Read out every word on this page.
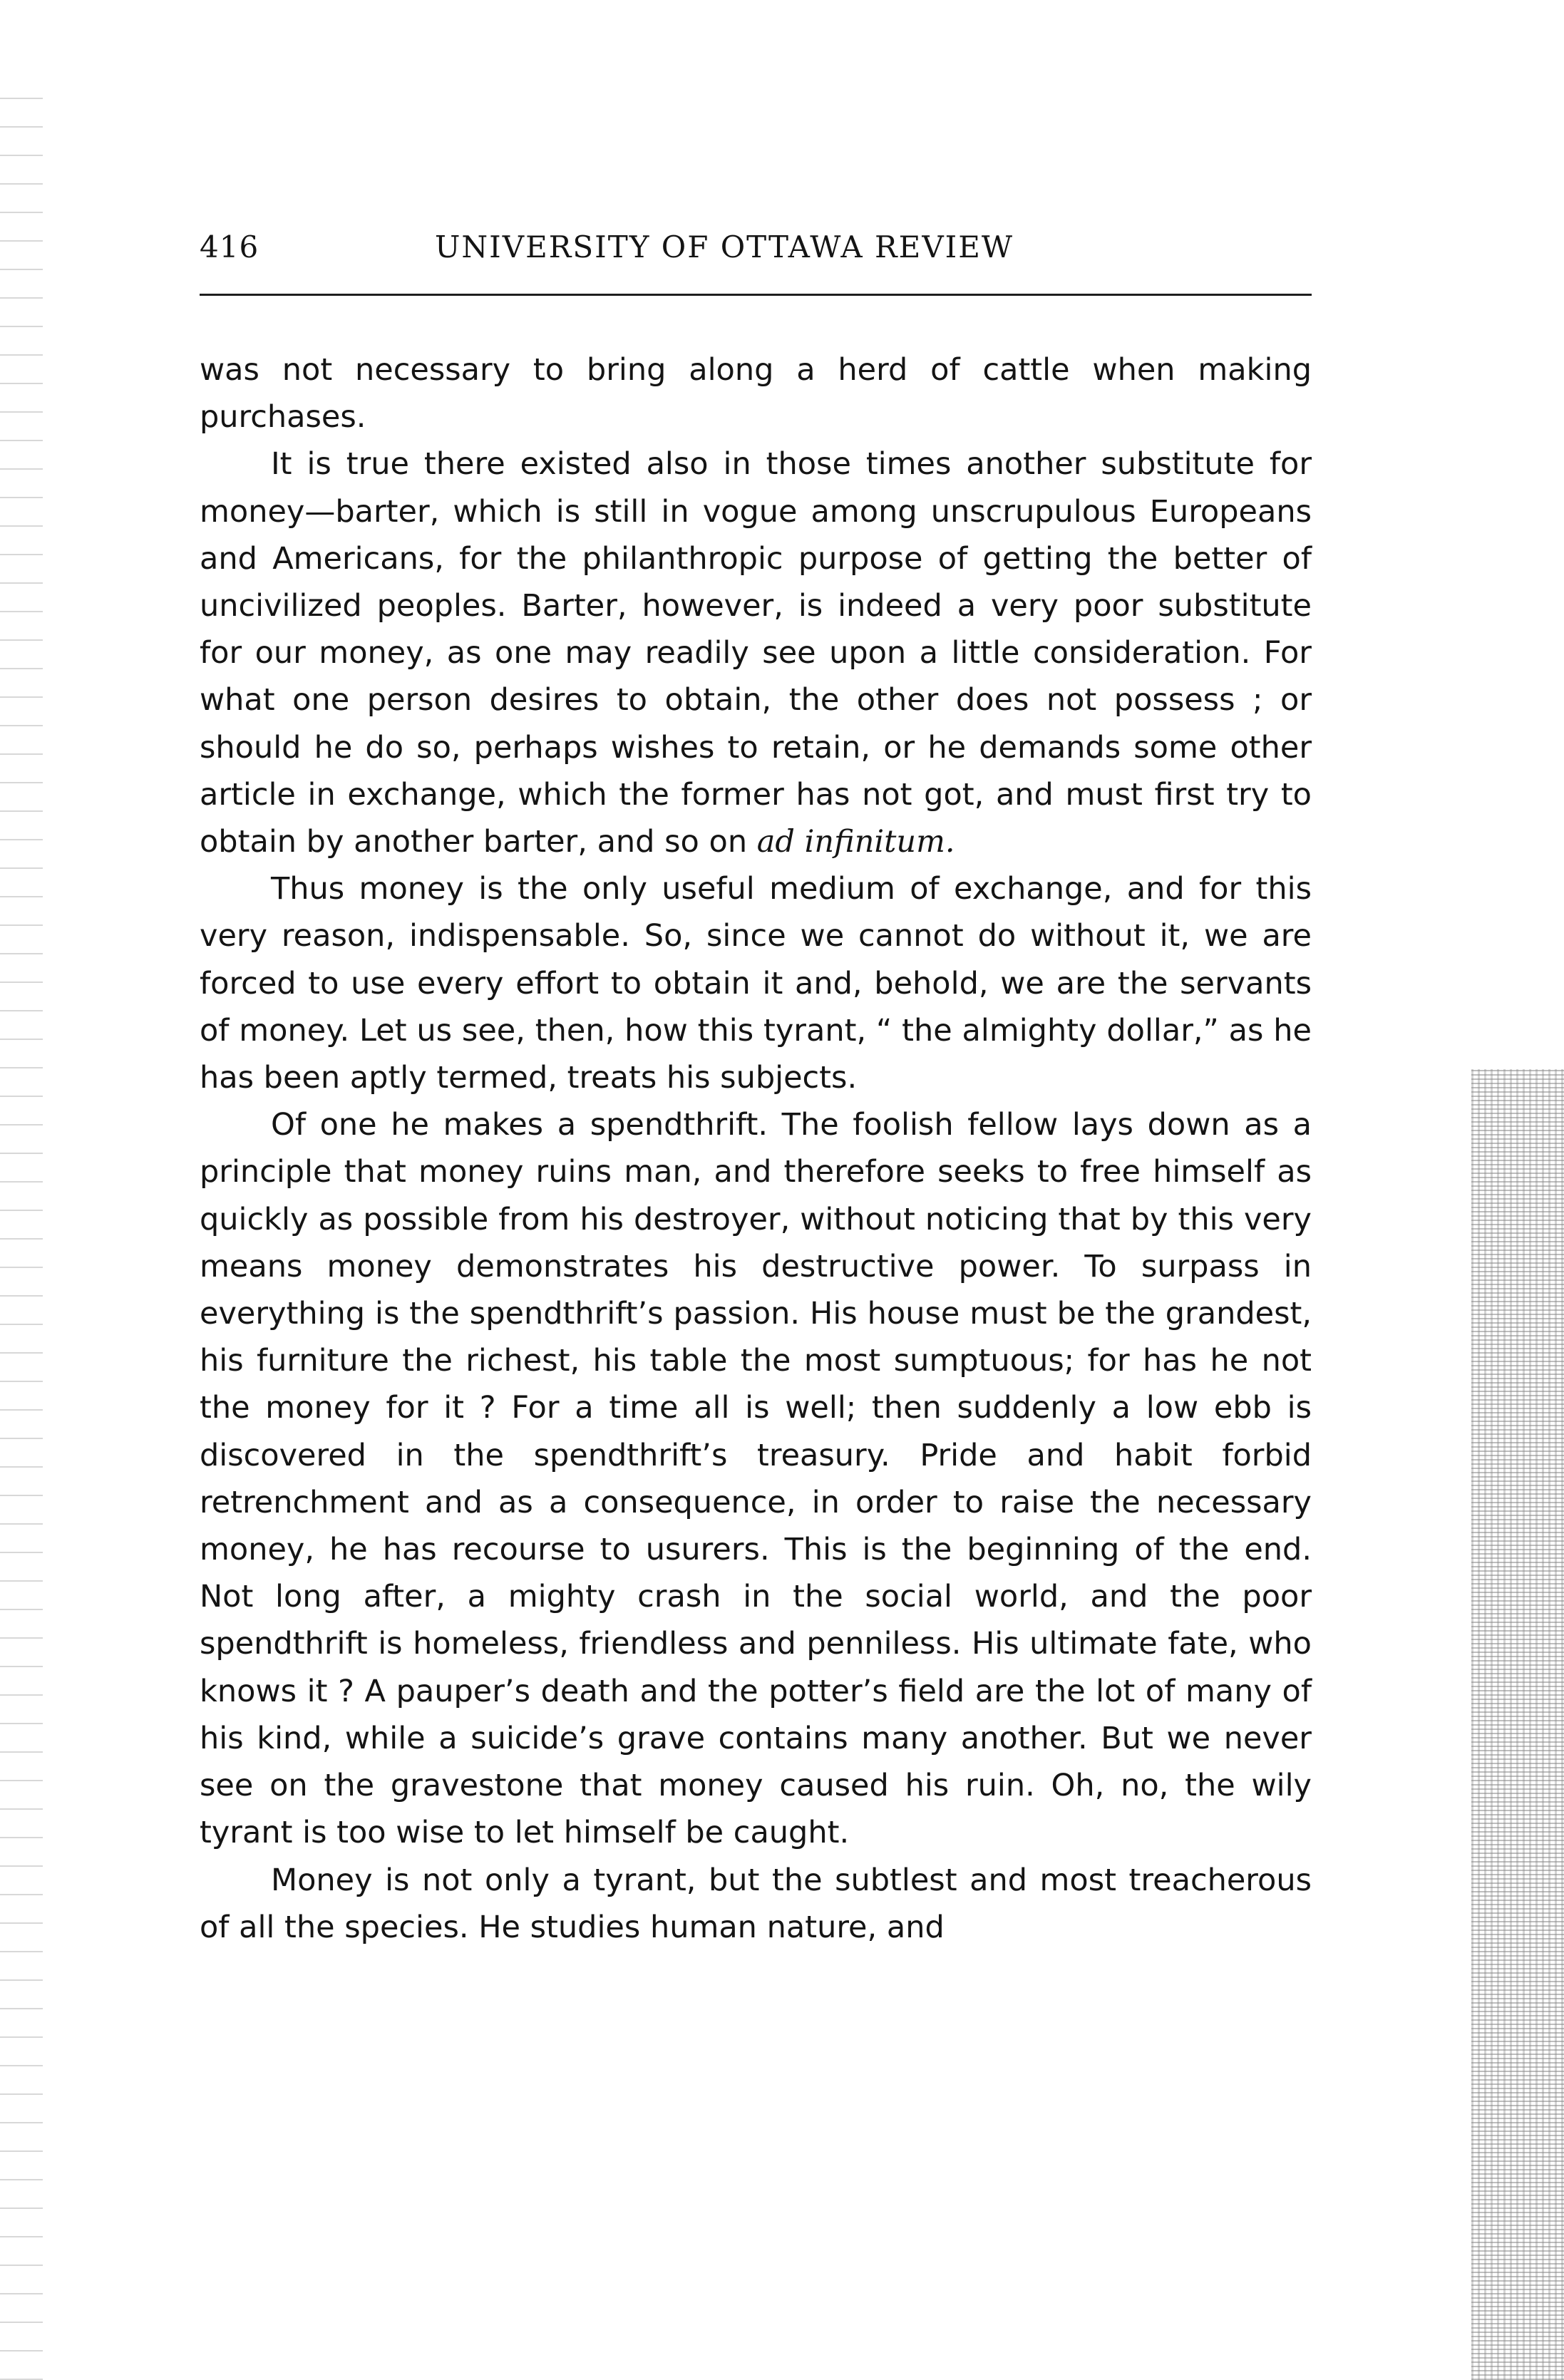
416	UNIVERSITY OF OTTAWA REVIEW

was not necessary to bring along a herd of cattle when making purchases.

It is true there existed also in those times another substitute for money—barter, which is still in vogue among unscrupulous Europeans and Americans, for the philanthropic purpose of getting the better of uncivilized peoples. Barter, however, is indeed a very poor substitute for our money, as one may readily see upon a little consideration. For what one person desires to obtain, the other does not possess ; or should he do so, perhaps wishes to retain, or he demands some other article in exchange, which the former has not got, and must first try to obtain by another barter, and so on ad infinitum.

Thus money is the only useful medium of exchange, and for this very reason, indispensable. So, since we cannot do without it, we are forced to use every effort to obtain it and, behold, we are the servants of money. Let us see, then, how this tyrant, “ the almighty dollar,” as he has been aptly termed, treats his subjects.

Of one he makes a spendthrift. The foolish fellow lays down as a principle that money ruins man, and therefore seeks to free himself as quickly as possible from his destroyer, without noticing that by this very means money demonstrates his destructive power. To surpass in everything is the spendthrift’s passion. His house must be the grandest, his furniture the richest, his table the most sumptuous; for has he not the money for it ? For a time all is well; then suddenly a low ebb is discovered in the spendthrift’s treasury. Pride and habit forbid retrenchment and as a consequence, in order to raise the necessary money, he has recourse to usurers. This is the beginning of the end. Not long after, a mighty crash in the social world, and the poor spendthrift is homeless, friendless and penniless. His ultimate fate, who knows it ? A pauper’s death and the potter’s field are the lot of many of his kind, while a suicide’s grave contains many another. But we never see on the gravestone that money caused his ruin. Oh, no, the wily tyrant is too wise to let himself be caught.

Money is not only a tyrant, but the subtlest and most treacherous of all the species. He studies human nature, and
